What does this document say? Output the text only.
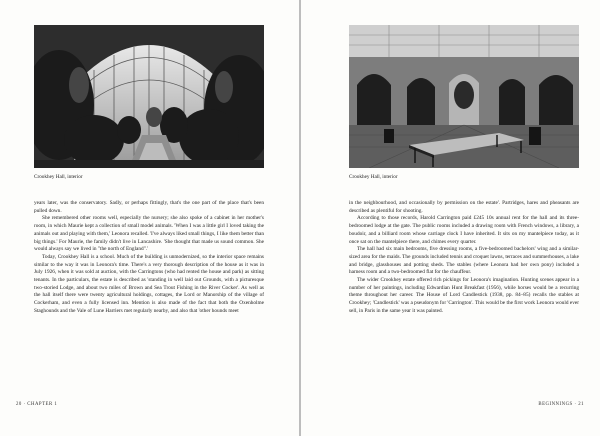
Crookhey Hall, interior

years later, was the conservatory. Sadly, or perhaps fittingly, that's the one part of the place that's been pulled down.

She remembered other rooms well, especially the nursery; she also spoke of a cabinet in her mother's room, in which Maurie kept a collection of small model animals. 'When I was a little girl I loved taking the animals out and playing with them,' Leonora recalled. 'I've always liked small things, I like them better than big things.' For Maurie, the family didn't live in Lancashire. 'She thought that made us sound common. She would always say we lived in "the north of England".'

Today, Crookhey Hall is a school. Much of the building is unmodernized, so the interior space remains similar to the way it was in Leonora's time. There's a very thorough description of the house as it was in July 1926, when it was sold at auction, with the Carringtons (who had rented the house and park) as sitting tenants. In the particulars, the estate is described as 'standing in well laid out Grounds, with a picturesque two-storied Lodge, and about two miles of Brown and Sea Trout Fishing in the River Cocker'. As well as the hall itself there were twenty agricultural holdings, cottages, the Lord or Manorship of the village of Cockerham, and even a fully licensed inn. Mention is also made of the fact that both the Oxenholme Staghounds and the Vale of Lune Harriers met regularly nearby, and also that 'other hounds meet

20 · CHAPTER 1
Crookhey Hall, interior

in the neighbourhood, and occasionally by permission on the estate'. Partridges, hares and pheasants are described as plentiful for shooting.

According to those records, Harold Carrington paid £245 10s annual rent for the hall and its three-bedroomed lodge at the gate. The public rooms included a drawing room with French windows, a library, a boudoir, and a billiard room whose carriage clock I have inherited. It sits on my mantelpiece today, as it once sat on the mantelpiece there, and chimes every quarter.

The hall had six main bedrooms, five dressing rooms, a five-bedroomed bachelors' wing and a similar-sized area for the maids. The grounds included tennis and croquet lawns, terraces and summerhouses, a lake and bridge, glasshouses and potting sheds. The stables (where Leonora had her own pony) included a harness room and a two-bedroomed flat for the chauffeur.

The wider Crookhey estate offered rich pickings for Leonora's imagination. Hunting scenes appear in a number of her paintings, including Edwardian Hunt Breakfast (1956), while horses would be a recurring theme throughout her career. The House of Lord Candlestick (1938, pp. 84–85) recalls the stables at Crookhey; 'Candlestick' was a pseudonym for 'Carrington'. This would be the first work Leonora would ever sell, in Paris in the same year it was painted.

BEGINNINGS · 21
